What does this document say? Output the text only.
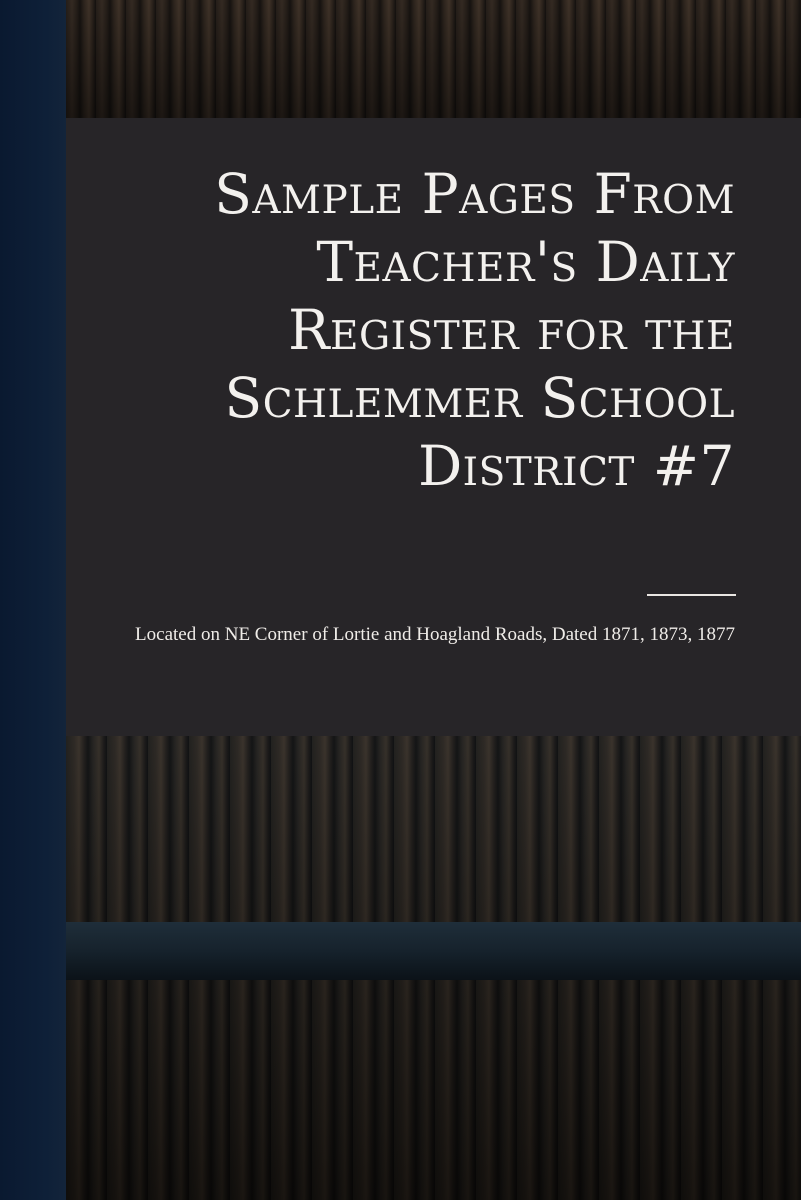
Sample Pages From Teacher's Daily Register for the Schlemmer School District #7

Located on NE Corner of Lortie and Hoagland Roads, Dated 1871, 1873, 1877
